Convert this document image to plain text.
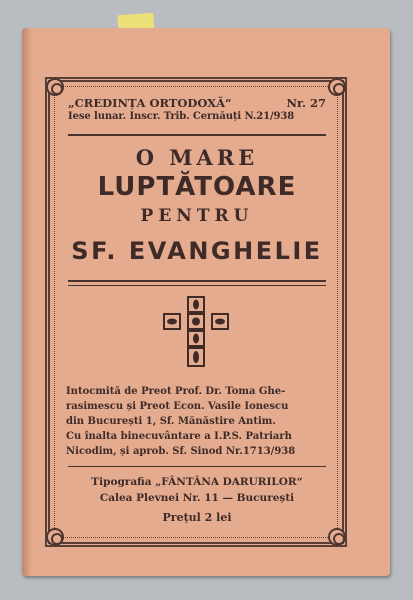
„CREDINȚA ORTODOXĂ“	Nr. 27
Iese lunar. Inscr. Trib. Cernăuți N.21/938
O MARE
LUPTĂTOARE
PENTRU
SF. EVANGHELIE
Intocmită de Preot Prof. Dr. Toma Ghe-
rasimescu și Preot Econ. Vasile Ionescu
din București 1, Sf. Mănăstire Antim.
Cu înalta binecuvântare a I.P.S. Patriarh
Nicodim, și aprob. Sf. Sinod Nr.1713/938
Tipografia „FÂNTÂNA DARURILOR“
Calea Plevnei Nr. 11 — București
Prețul 2 lei
